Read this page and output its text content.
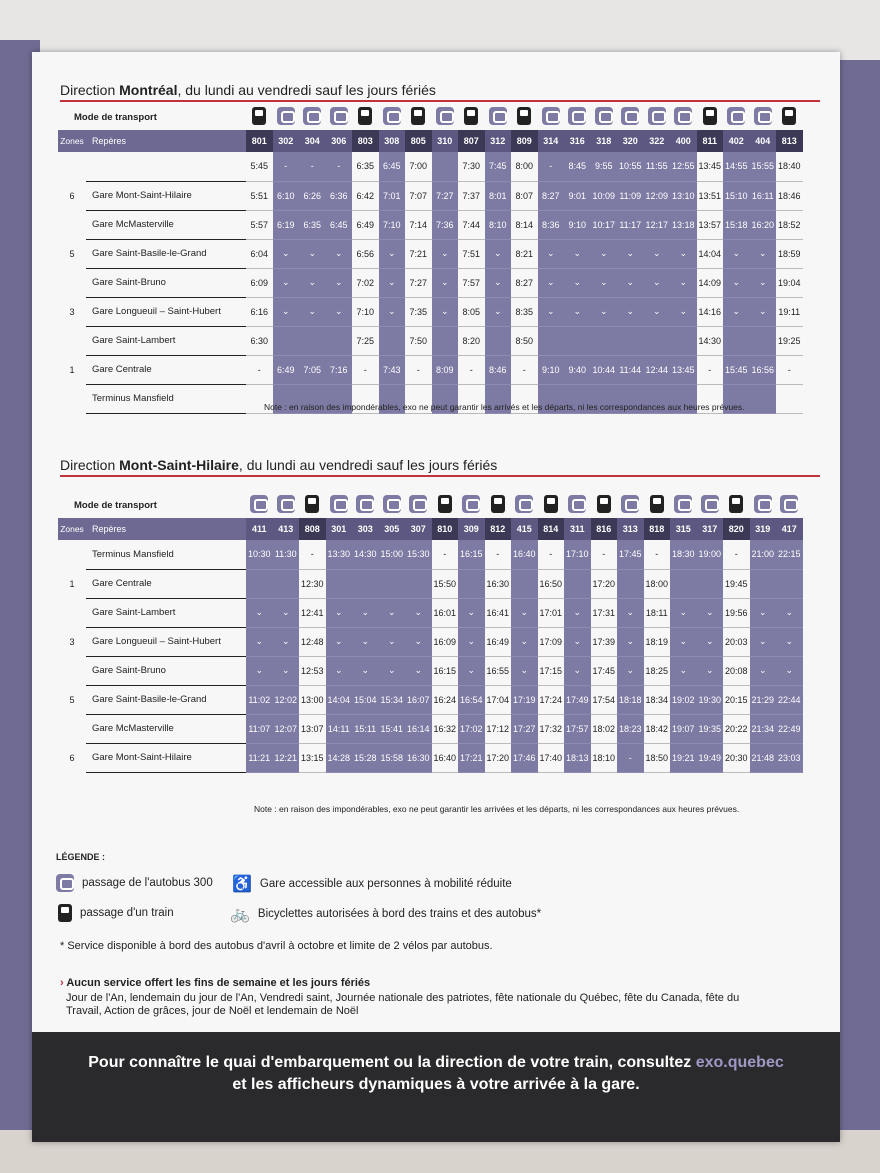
Direction Montréal, du lundi au vendredi sauf les jours fériés
Mode de transport																						
Zones	Repères	801	302	304	306	803	308	805	310	807	312	809	314	316	318	320	322	400	811	402	404	813
		5:45	-	-	-	6:35	6:45	7:00		7:30	7:45	8:00	-	8:45	9:55	10:55	11:55	12:55	13:45	14:55	15:55	18:40
6	Gare Mont-Saint-Hilaire	5:51	6:10	6:26	6:36	6:42	7:01	7:07	7:27	7:37	8:01	8:07	8:27	9:01	10:09	11:09	12:09	13:10	13:51	15:10	16:11	18:46
	Gare McMasterville	5:57	6:19	6:35	6:45	6:49	7:10	7:14	7:36	7:44	8:10	8:14	8:36	9:10	10:17	11:17	12:17	13:18	13:57	15:18	16:20	18:52
5	Gare Saint-Basile-le-Grand	6:04	⌄	⌄	⌄	6:56	⌄	7:21	⌄	7:51	⌄	8:21	⌄	⌄	⌄	⌄	⌄	⌄	14:04	⌄	⌄	18:59
	Gare Saint-Bruno	6:09	⌄	⌄	⌄	7:02	⌄	7:27	⌄	7:57	⌄	8:27	⌄	⌄	⌄	⌄	⌄	⌄	14:09	⌄	⌄	19:04
3	Gare Longueuil – Saint-Hubert	6:16	⌄	⌄	⌄	7:10	⌄	7:35	⌄	8:05	⌄	8:35	⌄	⌄	⌄	⌄	⌄	⌄	14:16	⌄	⌄	19:11
	Gare Saint-Lambert	6:30				7:25		7:50		8:20		8:50							14:30			19:25
1	Gare Centrale	-	6:49	7:05	7:16	-	7:43	-	8:09	-	8:46	-	9:10	9:40	10:44	11:44	12:44	13:45	-	15:45	16:56	-
	Terminus Mansfield																					
Note : en raison des impondérables, exo ne peut garantir les arrivés et les départs, ni les correspondances aux heures prévues.
Direction Mont-Saint-Hilaire, du lundi au vendredi sauf les jours fériés
Mode de transport																						
Zones	Repères	411	413	808	301	303	305	307	810	309	812	415	814	311	816	313	818	315	317	820	319	417
	Terminus Mansfield	10:30	11:30	-	13:30	14:30	15:00	15:30	-	16:15	-	16:40	-	17:10	-	17:45	-	18:30	19:00	-	21:00	22:15
1	Gare Centrale			12:30					15:50		16:30		16:50		17:20		18:00			19:45		
	Gare Saint-Lambert	⌄	⌄	12:41	⌄	⌄	⌄	⌄	16:01	⌄	16:41	⌄	17:01	⌄	17:31	⌄	18:11	⌄	⌄	19:56	⌄	⌄
3	Gare Longueuil – Saint-Hubert	⌄	⌄	12:48	⌄	⌄	⌄	⌄	16:09	⌄	16:49	⌄	17:09	⌄	17:39	⌄	18:19	⌄	⌄	20:03	⌄	⌄
	Gare Saint-Bruno	⌄	⌄	12:53	⌄	⌄	⌄	⌄	16:15	⌄	16:55	⌄	17:15	⌄	17:45	⌄	18:25	⌄	⌄	20:08	⌄	⌄
5	Gare Saint-Basile-le-Grand	11:02	12:02	13:00	14:04	15:04	15:34	16:07	16:24	16:54	17:04	17:19	17:24	17:49	17:54	18:18	18:34	19:02	19:30	20:15	21:29	22:44
	Gare McMasterville	11:07	12:07	13:07	14:11	15:11	15:41	16:14	16:32	17:02	17:12	17:27	17:32	17:57	18:02	18:23	18:42	19:07	19:35	20:22	21:34	22:49
6	Gare Mont-Saint-Hilaire	11:21	12:21	13:15	14:28	15:28	15:58	16:30	16:40	17:21	17:20	17:46	17:40	18:13	18:10	-	18:50	19:21	19:49	20:30	21:48	23:03
Note : en raison des impondérables, exo ne peut garantir les arrivées et les départs, ni les correspondances aux heures prévues.
LÉGENDE :
passage de l'autobus 300
passage d'un train
♿ Gare accessible aux personnes à mobilité réduite
🚲 Bicyclettes autorisées à bord des trains et des autobus*
* Service disponible à bord des autobus d'avril à octobre et limite de 2 vélos par autobus.
› Aucun service offert les fins de semaine et les jours fériés
Jour de l'An, lendemain du jour de l'An, Vendredi saint, Journée nationale des patriotes, fête nationale du Québec, fête du Canada, fête du Travail, Action de grâces, jour de Noël et lendemain de Noël
Pour connaître le quai d'embarquement ou la direction de votre train, consultez exo.quebec
et les afficheurs dynamiques à votre arrivée à la gare.
